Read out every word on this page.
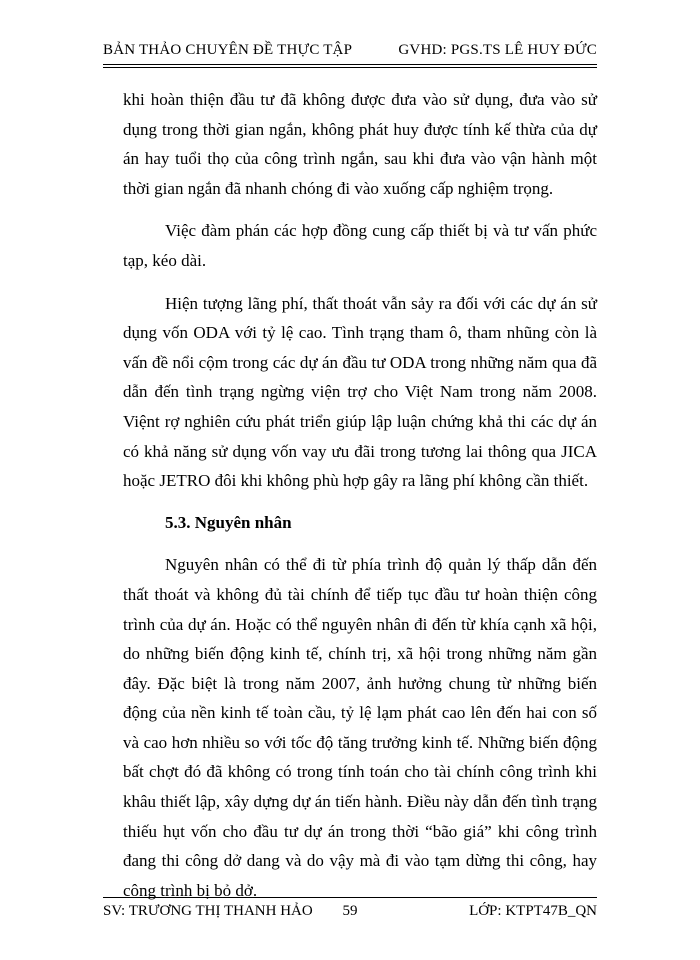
BẢN THẢO CHUYÊN ĐỀ THỰC TẬP	GVHD: PGS.TS LÊ HUY ĐỨC

khi hoàn thiện đầu tư đã không được đưa vào sử dụng, đưa vào sử dụng trong thời gian ngắn, không phát huy được tính kế thừa của dự án hay tuổi thọ của công trình ngắn, sau khi đưa vào vận hành một thời gian ngắn đã nhanh chóng đi vào xuống cấp nghiệm trọng.

Việc đàm phán các hợp đồng cung cấp thiết bị và tư vấn phức tạp, kéo dài.

Hiện tượng lãng phí, thất thoát vẫn sảy ra đối với các dự án sử dụng vốn ODA với tỷ lệ cao. Tình trạng tham ô, tham nhũng còn là vấn đề nổi cộm trong các dự án đầu tư ODA trong những năm qua đã dẫn đến tình trạng ngừng viện trợ cho Việt Nam trong năm 2008. Việnt rợ nghiên cứu phát triển giúp lập luận chứng khả thi các dự án có khả năng sử dụng vốn vay ưu đãi trong tương lai thông qua JICA hoặc JETRO đôi khi không phù hợp gây ra lãng phí không cần thiết.

5.3. Nguyên nhân

Nguyên nhân có thể đi từ phía trình độ quản lý thấp dẫn đến thất thoát và không đủ tài chính để tiếp tục đầu tư hoàn thiện công trình của dự án. Hoặc có thể nguyên nhân đi đến từ khía cạnh xã hội, do những biến động kinh tế, chính trị, xã hội trong những năm gần đây. Đặc biệt là trong năm 2007, ảnh hưởng chung từ những biến động của nền kinh tế toàn cầu, tỷ lệ lạm phát cao lên đến hai con số và cao hơn nhiều so với tốc độ tăng trưởng kinh tế. Những biến động bất chợt đó đã không có trong tính toán cho tài chính công trình khi khâu thiết lập, xây dựng dự án tiến hành. Điều này dẫn đến tình trạng thiếu hụt vốn cho đầu tư dự án trong thời “bão giá” khi công trình đang thi công dở dang và do vậy mà đi vào tạm dừng thi công, hay công trình bị bỏ dở.

SV: TRƯƠNG THỊ THANH HẢO	59	LỚP: KTPT47B_QN
